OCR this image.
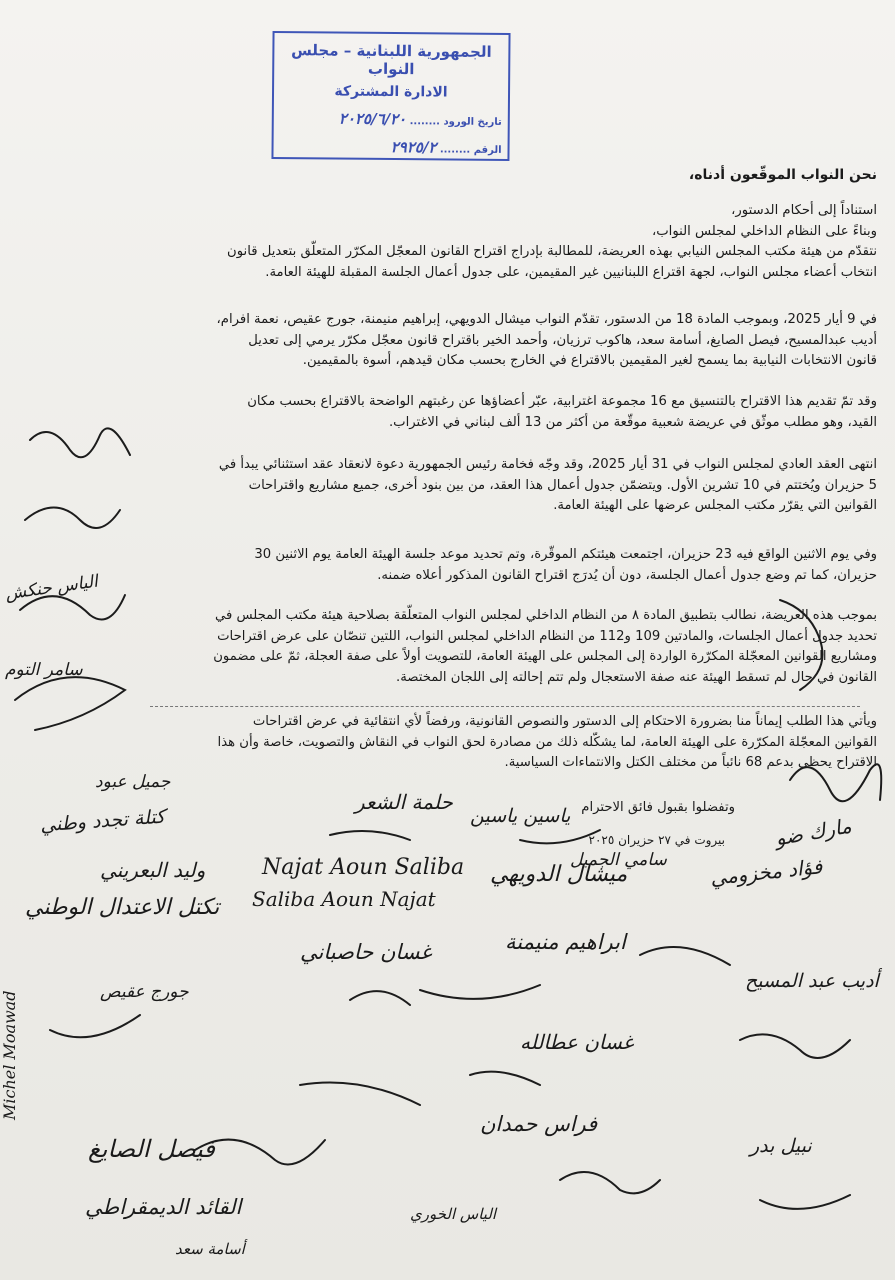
الجمهورية اللبنانية – مجلس النواب
الادارة المشتركة
تاريخ الورود ........ ٢٠٢٥/٦/٢٠
الرقم ........ ٢٩٢٥/٢
نحن النواب الموقّعون أدناه،
استناداً إلى أحكام الدستور،
وبناءً على النظام الداخلي لمجلس النواب،
نتقدّم من هيئة مكتب المجلس النيابي بهذه العريضة، للمطالبة بإدراج اقتراح القانون المعجّل المكرّر المتعلّق بتعديل قانون
انتخاب أعضاء مجلس النواب، لجهة اقتراع اللبنانيين غير المقيمين، على جدول أعمال الجلسة المقبلة للهيئة العامة.
في 9 أيار 2025، وبموجب المادة 18 من الدستور، تقدّم النواب ميشال الدويهي، إبراهيم منيمنة، جورج عقيص، نعمة افرام،
أديب عبدالمسيح، فيصل الصايغ، أسامة سعد، هاكوب ترزيان، وأحمد الخير باقتراح قانون معجّل مكرّر يرمي إلى تعديل
قانون الانتخابات النيابية بما يسمح لغير المقيمين بالاقتراع في الخارج بحسب مكان قيدهم، أسوة بالمقيمين.
وقد تمّ تقديم هذا الاقتراح بالتنسيق مع 16 مجموعة اغترابية، عبّر أعضاؤها عن رغبتهم الواضحة بالاقتراع بحسب مكان
القيد، وهو مطلب موثّق في عريضة شعبية موقّعة من أكثر من 13 ألف لبناني في الاغتراب.
انتهى العقد العادي لمجلس النواب في 31 أيار 2025، وقد وجّه فخامة رئيس الجمهورية دعوة لانعقاد عقد استثنائي يبدأ في
5 حزيران ويُختتم في 10 تشرين الأول. ويتضمّن جدول أعمال هذا العقد، من بين بنود أخرى، جميع مشاريع واقتراحات
القوانين التي يقرّر مكتب المجلس عرضها على الهيئة العامة.
وفي يوم الاثنين الواقع فيه 23 حزيران، اجتمعت هيئتكم الموقّرة، وتم تحديد موعد جلسة الهيئة العامة يوم الاثنين 30
حزيران، كما تم وضع جدول أعمال الجلسة، دون أن يُدرَج اقتراح القانون المذكور أعلاه ضمنه.
بموجب هذه العريضة، نطالب بتطبيق المادة ٨ من النظام الداخلي لمجلس النواب المتعلّقة بصلاحية هيئة مكتب المجلس في
تحديد جدول أعمال الجلسات، والمادتين 109 و112 من النظام الداخلي لمجلس النواب، اللتين تنصّان على عرض اقتراحات
ومشاريع القوانين المعجّلة المكرّرة الواردة إلى المجلس على الهيئة العامة، للتصويت أولاً على صفة العجلة، ثمّ على مضمون
القانون في حال لم تسقط الهيئة عنه صفة الاستعجال ولم تتم إحالته إلى اللجان المختصة.
ويأتي هذا الطلب إيماناً منا بضرورة الاحتكام إلى الدستور والنصوص القانونية، ورفضاً لأي انتقائية في عرض اقتراحات
القوانين المعجّلة المكرّرة على الهيئة العامة، لما يشكّله ذلك من مصادرة لحق النواب في النقاش والتصويت، خاصة وأن هذا
الاقتراح يحظى بدعم 68 نائباً من مختلف الكتل والانتماءات السياسية.
وتفضلوا بقبول فائق الاحترام
بيروت في ٢٧ حزيران ٢٠٢٥
حلمة الشعر
ياسين ياسين
جميل عبود
كتلة تجدد وطني
وليد البعريني	Najat Aoun Saliba
Saliba Aoun Najat
ميشال الدويهي
تكتل الاعتدال الوطني
فؤاد مخزومي
الياس حنكش
ابراهيم منيمنة
مارك ضو
أديب عبد المسيح
غسان حاصباني
غسان عطالله
سامر التوم
جورج عقيص
فراس حمدان
فيصل الصايغ
القائد الديمقراطي
أسامة سعد
الياس الخوري
سامي الجميل
Michel Moawad
نبيل بدر
